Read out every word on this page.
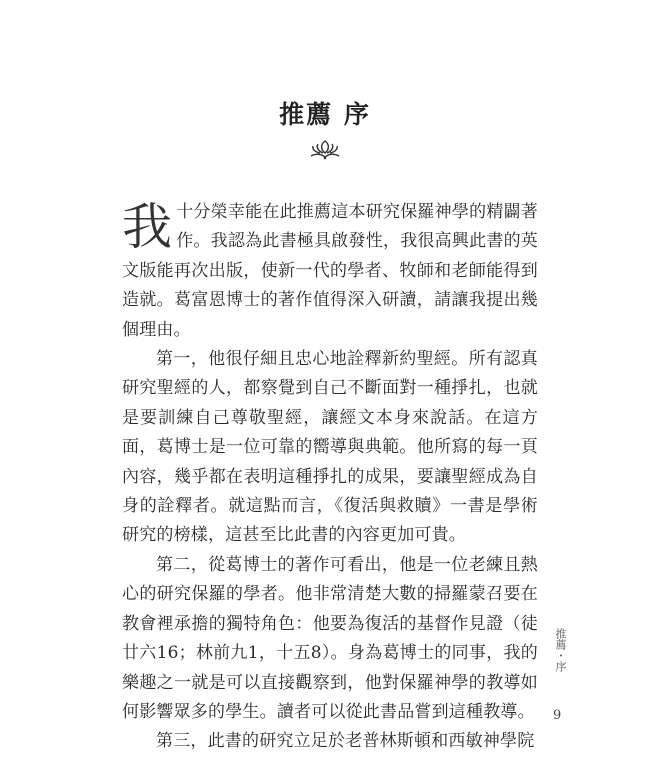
推薦 序

我十分榮幸能在此推薦這本研究保羅神學的精闢著作。我認為此書極具啟發性，我很高興此書的英文版能再次出版，使新一代的學者、牧師和老師能得到造就。葛富恩博士的著作值得深入研讀，請讓我提出幾個理由。

第一，他很仔細且忠心地詮釋新約聖經。所有認真研究聖經的人，都察覺到自己不斷面對一種掙扎，也就是要訓練自己尊敬聖經，讓經文本身來說話。在這方面，葛博士是一位可靠的嚮導與典範。他所寫的每一頁內容，幾乎都在表明這種掙扎的成果，要讓聖經成為自身的詮釋者。就這點而言，《復活與救贖》一書是學術研究的榜樣，這甚至比此書的內容更加可貴。

第二，從葛博士的著作可看出，他是一位老練且熱心的研究保羅的學者。他非常清楚大數的掃羅蒙召要在教會裡承擔的獨特角色：他要為復活的基督作見證（徒廿六16；林前九1，十五8）。身為葛博士的同事，我的樂趣之一就是可以直接觀察到，他對保羅神學的教導如何影響眾多的學生。讀者可以從此書品嘗到這種教導。

第三，此書的研究立足於老普林斯頓和西敏神學院

推薦・序
9
